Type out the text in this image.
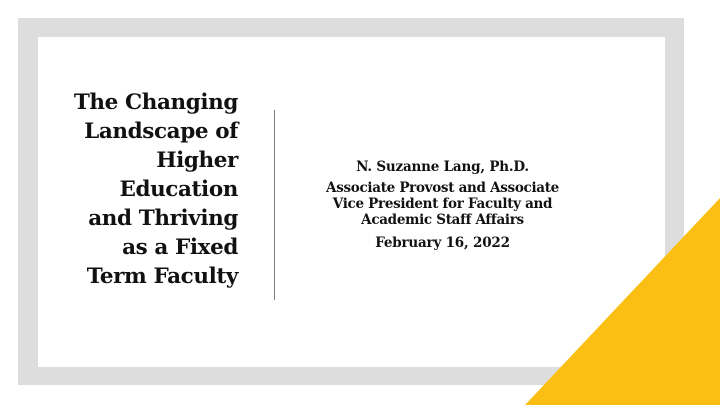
The Changing
Landscape of
Higher
Education
and Thriving
as a Fixed
Term Faculty
N. Suzanne Lang, Ph.D.
Associate Provost and Associate
Vice President for Faculty and
Academic Staff Affairs
February 16, 2022
